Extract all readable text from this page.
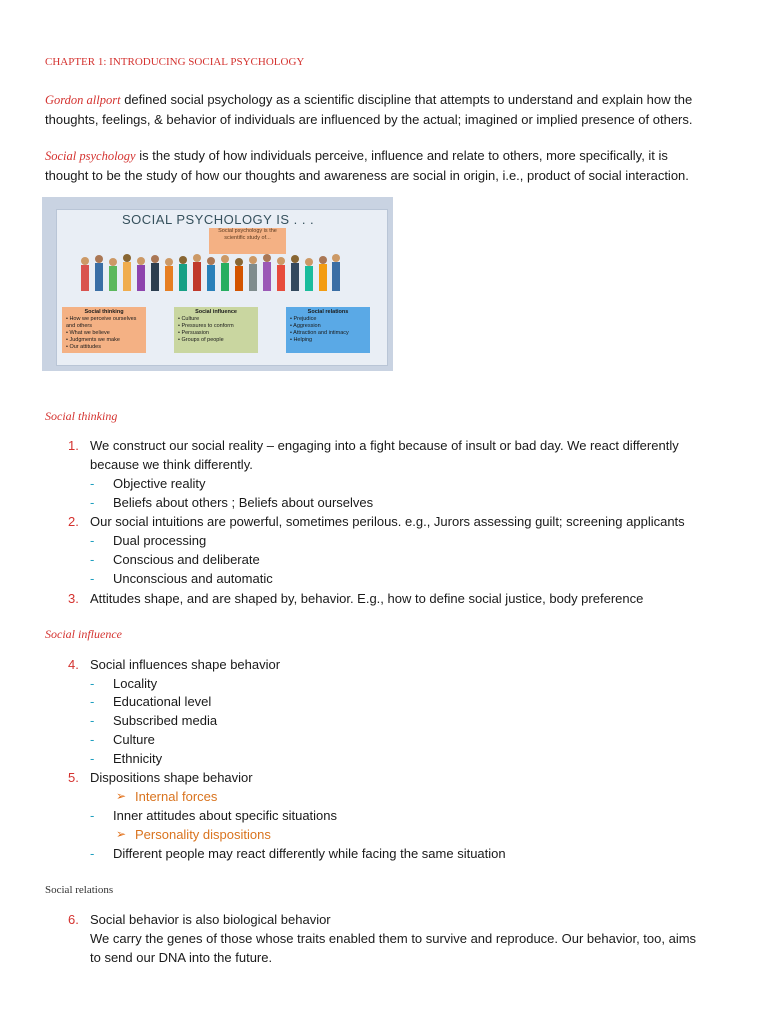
CHAPTER 1: INTRODUCING SOCIAL PSYCHOLOGY
Gordon allport defined social psychology as a scientific discipline that attempts to understand and explain how the
thoughts, feelings, & behavior of individuals are influenced by the actual; imagined or implied presence of others.
Social psychology is the study of how individuals perceive, influence and relate to others, more specifically, it is
thought to be the study of how our thoughts and awareness are social in origin, i.e., product of social interaction.
SOCIAL PSYCHOLOGY IS . . .
Social psychology is the scientific study of...
Social thinking
• How we perceive ourselves and others
• What we believe
• Judgments we make
• Our attitudes
Social influence
• Culture
• Pressures to conform
• Persuasion
• Groups of people
Social relations
• Prejudice
• Aggression
• Attraction and intimacy
• Helping
Social thinking
1. We construct our social reality – engaging into a fight because of insult or bad day. We react differently
because we think differently.
- Objective reality
- Beliefs about others ; Beliefs about ourselves
2. Our social intuitions are powerful, sometimes perilous. e.g., Jurors assessing guilt; screening applicants
- Dual processing
- Conscious and deliberate
- Unconscious and automatic
3. Attitudes shape, and are shaped by, behavior. E.g., how to define social justice, body preference
Social influence
4. Social influences shape behavior
- Locality
- Educational level
- Subscribed media
- Culture
- Ethnicity
5. Dispositions shape behavior
➢ Internal forces
- Inner attitudes about specific situations
➢ Personality dispositions
- Different people may react differently while facing the same situation
Social relations
6. Social behavior is also biological behavior
We carry the genes of those whose traits enabled them to survive and reproduce. Our behavior, too, aims
to send our DNA into the future.
